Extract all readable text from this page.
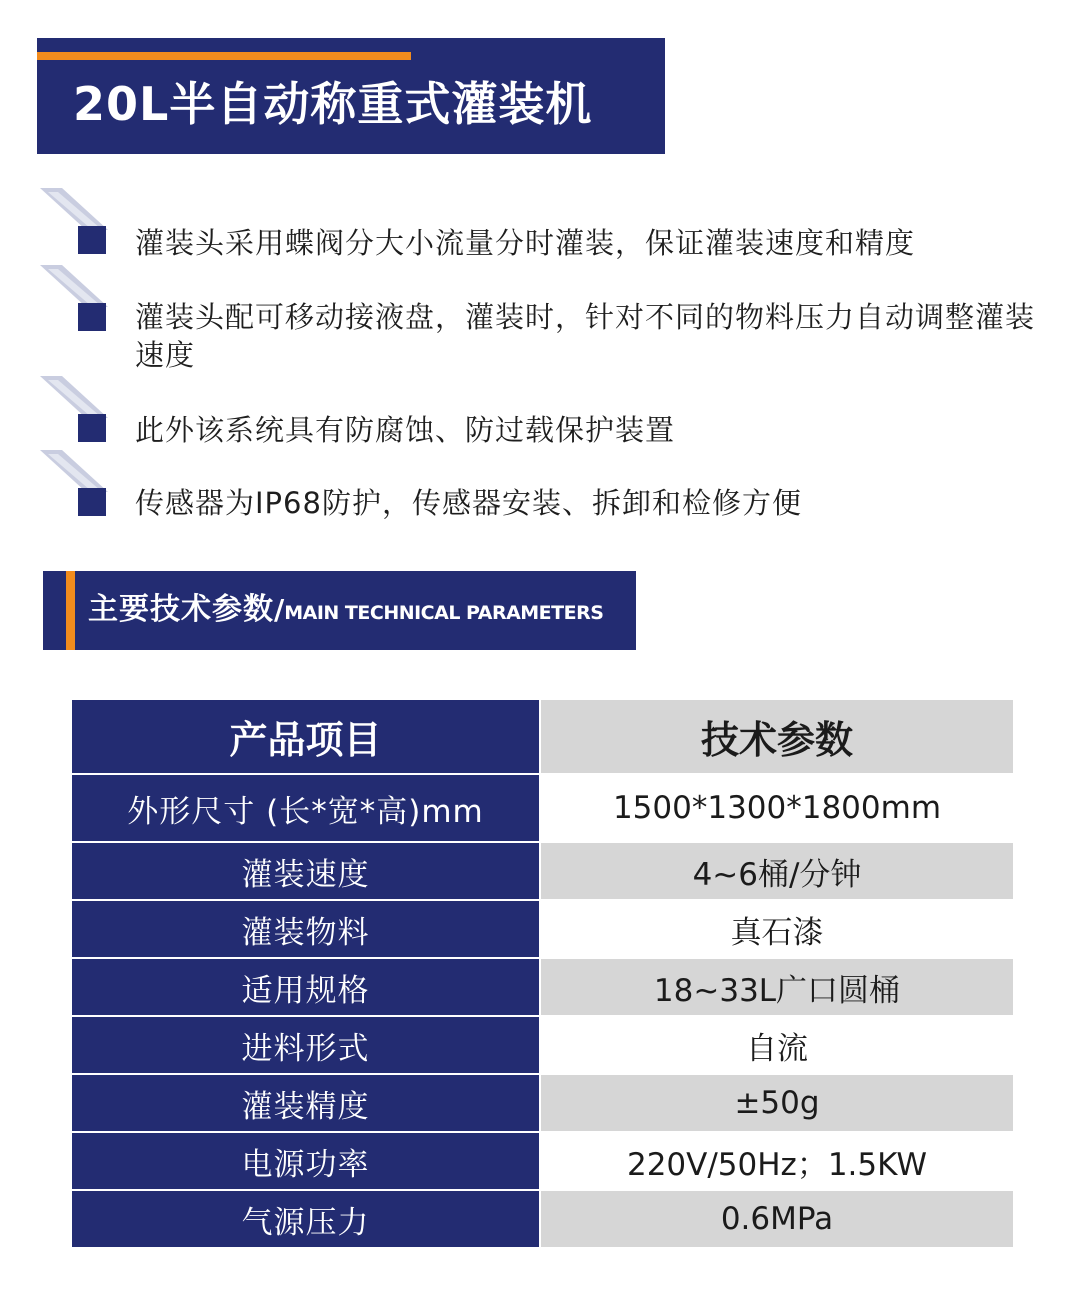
20L半自动称重式灌装机

灌装头采用蝶阀分大小流量分时灌装，保证灌装速度和精度

灌装头配可移动接液盘，灌装时，针对不同的物料压力自动调整灌装速度

此外该系统具有防腐蚀、防过载保护装置

传感器为IP68防护，传感器安装、拆卸和检修方便

主要技术参数/MAIN TECHNICAL PARAMETERS
产品项目	技术参数
外形尺寸 (长*宽*高)mm	1500*1300*1800mm
灌装速度	4~6桶/分钟
灌装物料	真石漆
适用规格	18~33L广口圆桶
进料形式	自流
灌装精度	±50g
电源功率	220V/50Hz；1.5KW
气源压力	0.6MPa
